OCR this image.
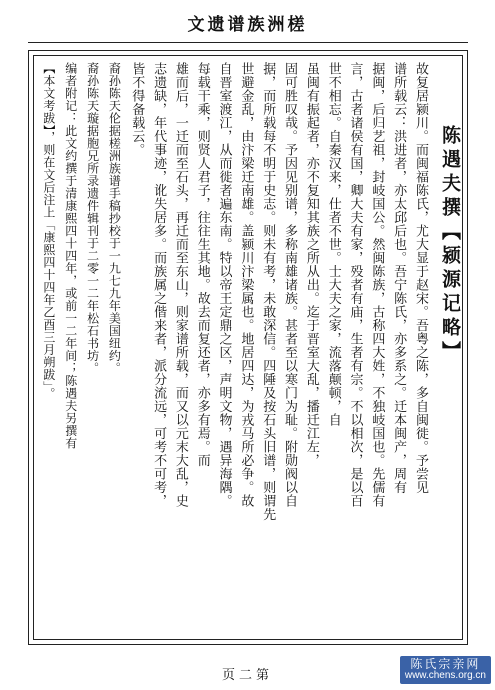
文遗谱族洲槎
陈遇夫撰【颍源记略】
故复居颍川。而闽福陈氏，尤大显于赵宋。吾粤之陈，多自闽徙。予尝见
谱所载云：洪进者，亦太邱后也。吾宁陈氏，亦多系之。迁本闽产，周有
据闽，后归艺祖，封岐国公。然闽陈族，古称四大姓，不独岐国也。先儒有
言，古者诸侯有国，卿大夫有家，殁者有庙，生者有宗。不以相次，是以百
世不相忘。自秦汉来，仕者不世。士大夫之家，流落颠顿，自
虽闽有振起者，亦不复知其族之所从出。迄于晋室大乱，播迁江左，
固可胜叹哉。予因见别谱，多称南雄诸族。甚者至以寒门为耻。附勋阀以自
据，而所载每不明于史志。则未有考，未敢深信。四陲及按石头旧谱，则谓先
世避金乱，由汴梁迁南雄。盖颍川汴梁属也。地居四达，为戎马所必争。故
自晋室渡江，从而徙者遍东南。特以帝王定鼎之区，声明文物，遇异海隅。
每载干乘，则贤人君子，往往生其地。故去而复还者，亦多有焉。而
雄而后，一迁而至石头，再迁而至东山，则家谱所载，而又以元末大乱，史
志遗缺，年代事迹，讹失居多。而族属之偕来者，派分流远，可考不可考，
皆不得备载云。
裔孙陈天伦据槎洲族谱手稿抄校于一九七九年美国纽约。
裔孙陈天璇据胞兄所录遗件辑刊于二零一二年松石书坊。
编者附记：此文约撰于清康熙四十四年，或前一二年间；陈遇夫另撰有
【本文考跋】，则在文后注上「康熙四十四年乙酉三月朔跋」。
页二第
陈氏宗亲网
www.chens.org.cn
